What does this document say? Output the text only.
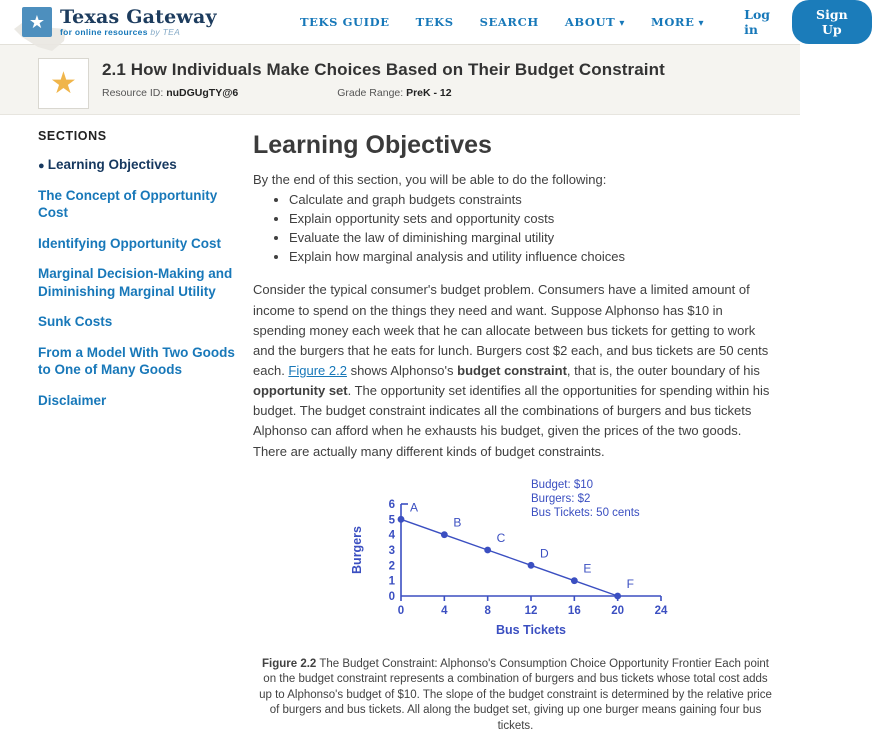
★ Texas Gateway
for online resources by TEA
TEKS GUIDE TEKS SEARCH ABOUT ▾	MORE ▾	Log in
Sign Up
★ 2.1 How Individuals Make Choices Based on Their Budget Constraint
Resource ID: nuDGUgTY@6	Grade Range: PreK - 12
SECTIONS
● Learning Objectives
The Concept of Opportunity Cost
Identifying Opportunity Cost
Marginal Decision-Making and Diminishing Marginal Utility
Sunk Costs
From a Model With Two Goods to One of Many Goods
Disclaimer
Learning Objectives

By the end of this section, you will be able to do the following:

• Calculate and graph budgets constraints
• Explain opportunity sets and opportunity costs
• Evaluate the law of diminishing marginal utility
• Explain how marginal analysis and utility influence choices

Consider the typical consumer's budget problem. Consumers have a limited amount of income to spend on the things they need and want. Suppose Alphonso has $10 in spending money each week that he can allocate between bus tickets for getting to work and the burgers that he eats for lunch. Burgers cost $2 each, and bus tickets are 50 cents each. Figure 2.2 shows Alphonso's budget constraint, that is, the outer boundary of his opportunity set. The opportunity set identifies all the opportunities for spending within his budget. The budget constraint indicates all the combinations of burgers and bus tickets Alphonso can afford when he exhausts his budget, given the prices of the two goods. There are actually many different kinds of budget constraints.

0	4	8	12	16	20	24
0
1
2
3
4
5
6 A
B
C
D
E
F
Bus Tickets
Burgers
Budget: $10
Burgers: $2
Bus Tickets: 50 cents

Figure 2.2 The Budget Constraint: Alphonso's Consumption Choice Opportunity Frontier Each point on the budget constraint represents a combination of burgers and bus tickets whose total cost adds up to Alphonso's budget of $10. The slope of the budget constraint is determined by the relative price of burgers and bus tickets. All along the budget set, giving up one burger means gaining four bus tickets.
